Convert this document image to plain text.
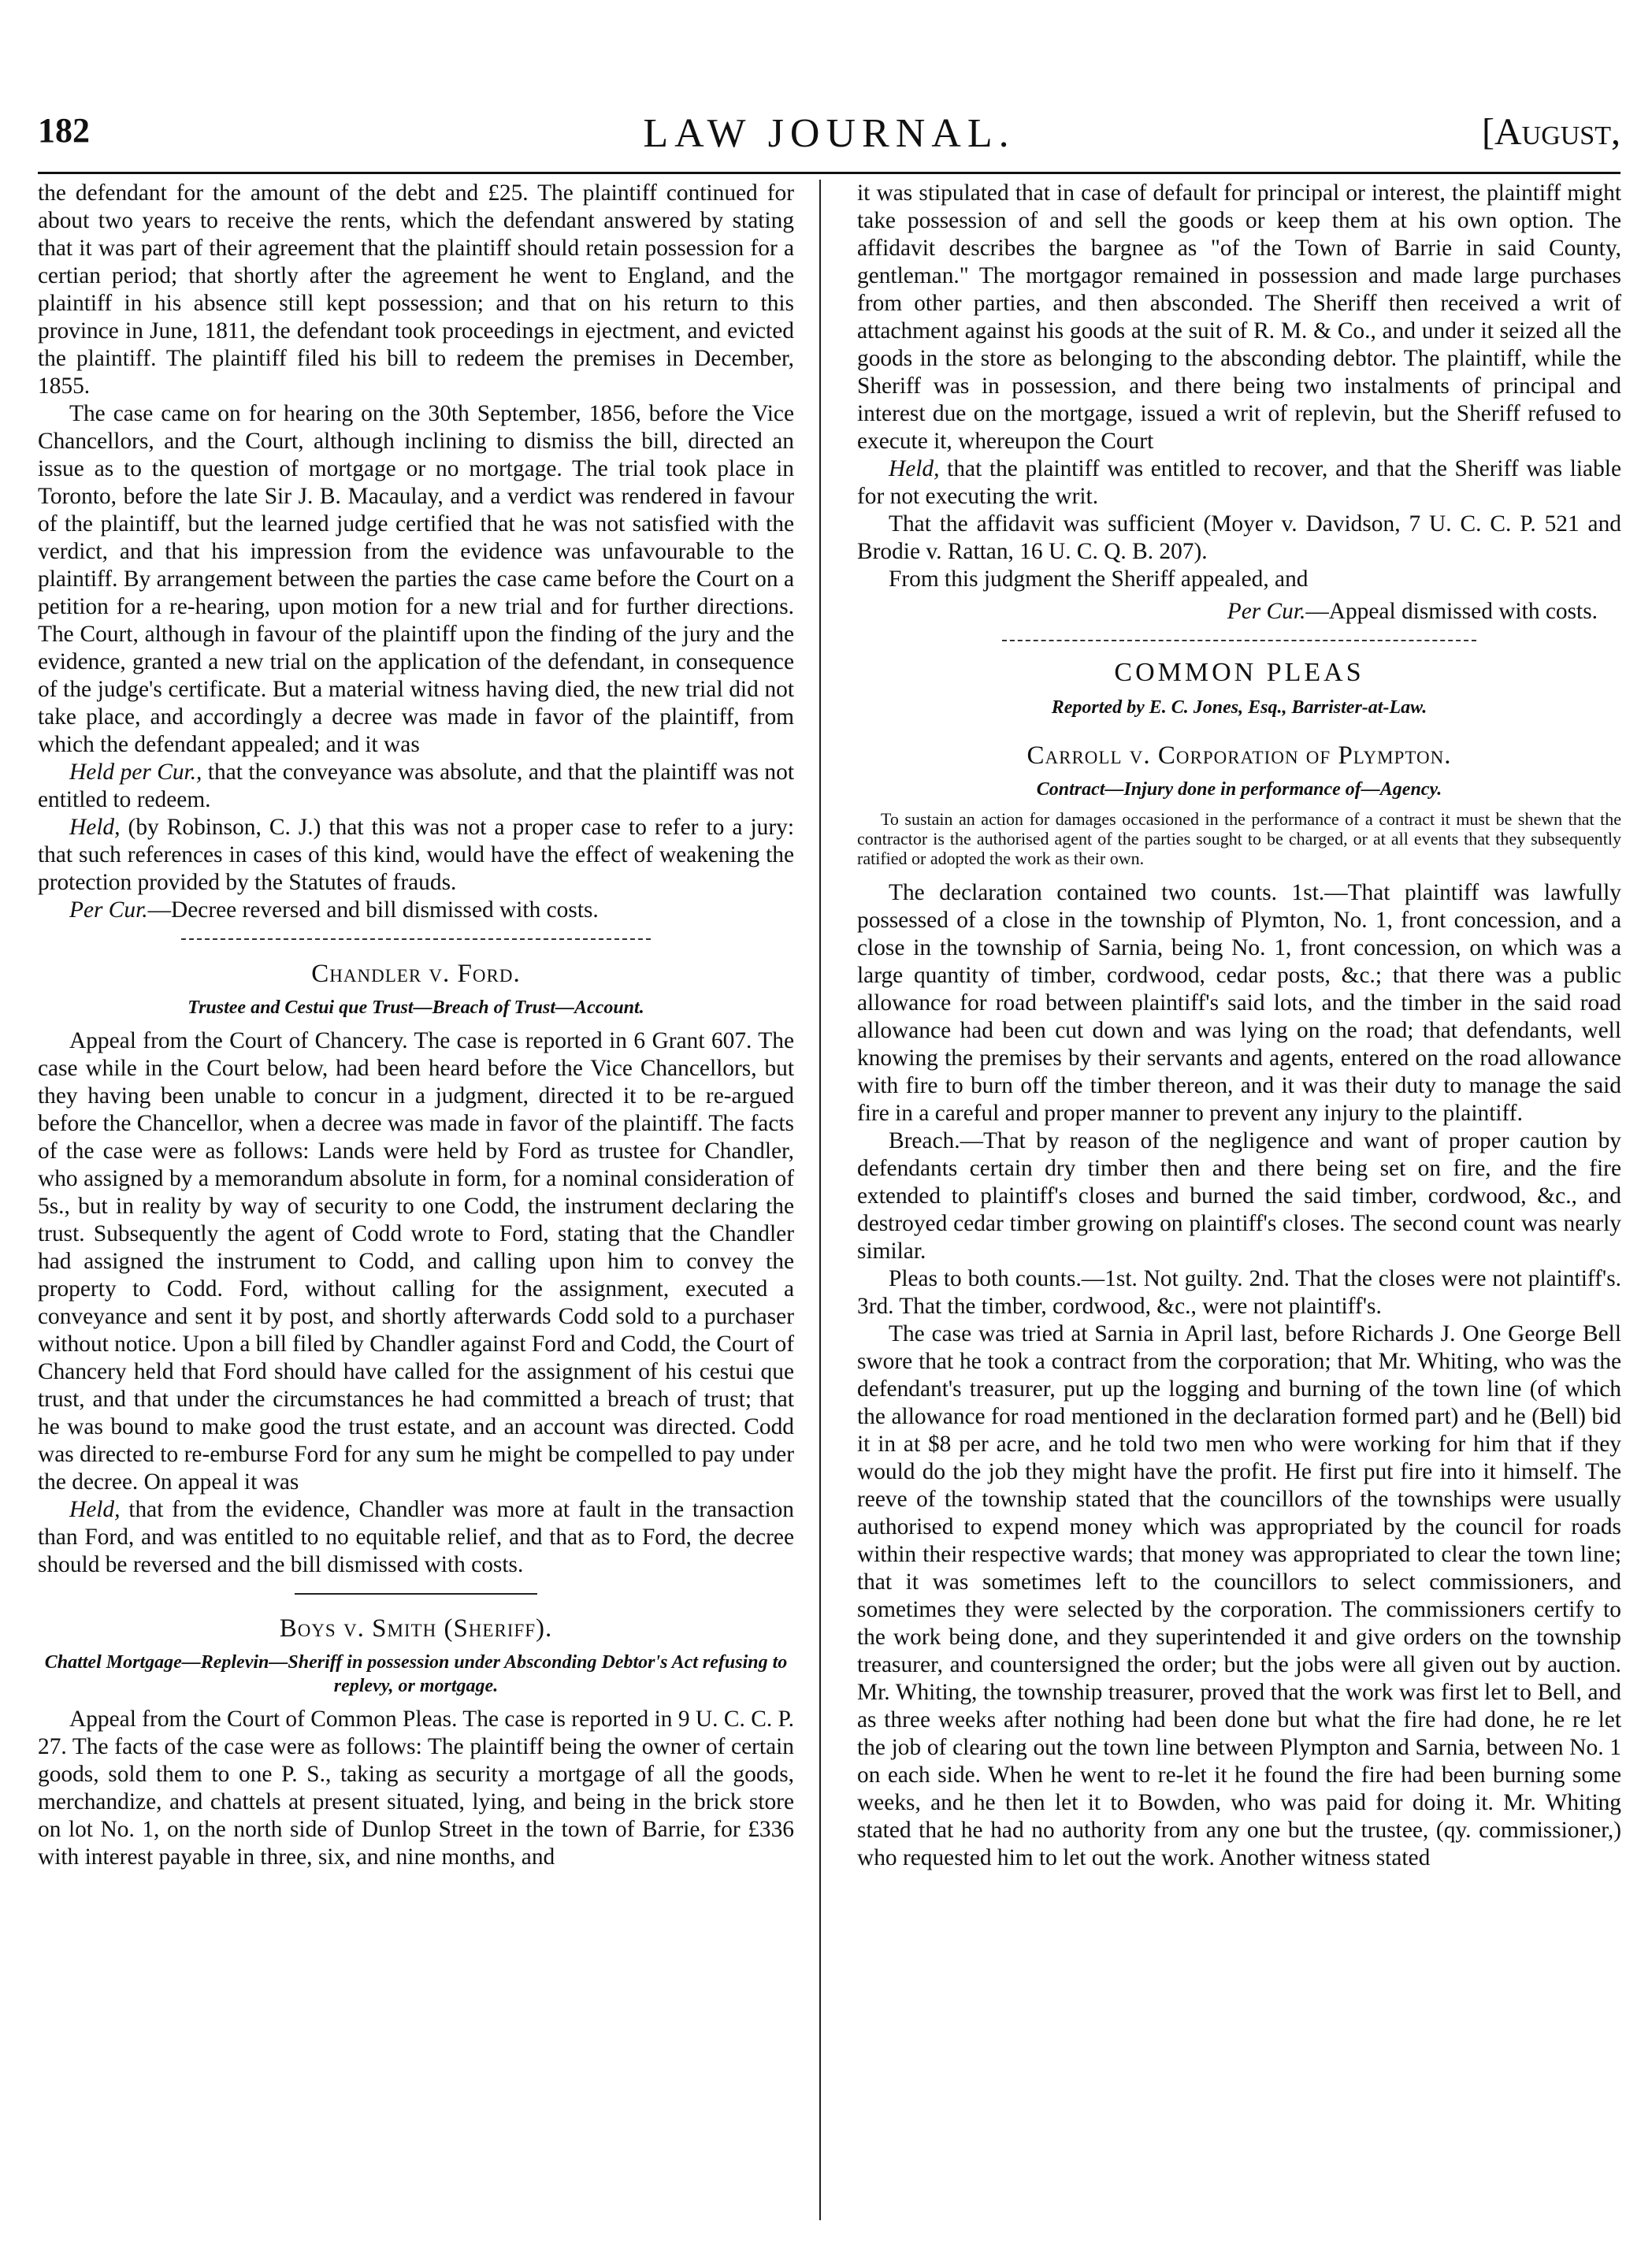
182	LAW JOURNAL.	[August,

the defendant for the amount of the debt and £25. The plaintiff continued for about two years to receive the rents, which the defendant answered by stating that it was part of their agreement that the plaintiff should retain possession for a certian period; that shortly after the agreement he went to England, and the plaintiff in his absence still kept possession; and that on his return to this province in June, 1811, the defendant took proceedings in ejectment, and evicted the plaintiff. The plaintiff filed his bill to redeem the premises in December, 1855.

The case came on for hearing on the 30th September, 1856, before the Vice Chancellors, and the Court, although inclining to dismiss the bill, directed an issue as to the question of mortgage or no mortgage. The trial took place in Toronto, before the late Sir J. B. Macaulay, and a verdict was rendered in favour of the plaintiff, but the learned judge certified that he was not satisfied with the verdict, and that his impression from the evidence was unfavourable to the plaintiff. By arrangement between the parties the case came before the Court on a petition for a re-hearing, upon motion for a new trial and for further directions. The Court, although in favour of the plaintiff upon the finding of the jury and the evidence, granted a new trial on the application of the defendant, in consequence of the judge's certificate. But a material witness having died, the new trial did not take place, and accordingly a decree was made in favor of the plaintiff, from which the defendant appealed; and it was

Held per Cur., that the conveyance was absolute, and that the plaintiff was not entitled to redeem.

Held, (by Robinson, C. J.) that this was not a proper case to refer to a jury: that such references in cases of this kind, would have the effect of weakening the protection provided by the Statutes of frauds.

Per Cur.—Decree reversed and bill dismissed with costs.

Chandler v. Ford.
Trustee and Cestui que Trust—Breach of Trust—Account.

Appeal from the Court of Chancery. The case is reported in 6 Grant 607. The case while in the Court below, had been heard before the Vice Chancellors, but they having been unable to concur in a judgment, directed it to be re-argued before the Chancellor, when a decree was made in favor of the plaintiff. The facts of the case were as follows: Lands were held by Ford as trustee for Chandler, who assigned by a memorandum absolute in form, for a nominal consideration of 5s., but in reality by way of security to one Codd, the instrument declaring the trust. Subsequently the agent of Codd wrote to Ford, stating that the Chandler had assigned the instrument to Codd, and calling upon him to convey the property to Codd. Ford, without calling for the assignment, executed a conveyance and sent it by post, and shortly afterwards Codd sold to a purchaser without notice. Upon a bill filed by Chandler against Ford and Codd, the Court of Chancery held that Ford should have called for the assignment of his cestui que trust, and that under the circumstances he had committed a breach of trust; that he was bound to make good the trust estate, and an account was directed. Codd was directed to re-emburse Ford for any sum he might be compelled to pay under the decree. On appeal it was

Held, that from the evidence, Chandler was more at fault in the transaction than Ford, and was entitled to no equitable relief, and that as to Ford, the decree should be reversed and the bill dismissed with costs.

Boys v. Smith (Sheriff).
Chattel Mortgage—Replevin—Sheriff in possession under Absconding Debtor's Act refusing to replevy, or mortgage.

Appeal from the Court of Common Pleas. The case is reported in 9 U. C. C. P. 27. The facts of the case were as follows: The plaintiff being the owner of certain goods, sold them to one P. S., taking as security a mortgage of all the goods, merchandize, and chattels at present situated, lying, and being in the brick store on lot No. 1, on the north side of Dunlop Street in the town of Barrie, for £336 with interest payable in three, six, and nine months, and

it was stipulated that in case of default for principal or interest, the plaintiff might take possession of and sell the goods or keep them at his own option. The affidavit describes the bargnee as "of the Town of Barrie in said County, gentleman." The mortgagor remained in possession and made large purchases from other parties, and then absconded. The Sheriff then received a writ of attachment against his goods at the suit of R. M. & Co., and under it seized all the goods in the store as belonging to the absconding debtor. The plaintiff, while the Sheriff was in possession, and there being two instalments of principal and interest due on the mortgage, issued a writ of replevin, but the Sheriff refused to execute it, whereupon the Court

Held, that the plaintiff was entitled to recover, and that the Sheriff was liable for not executing the writ.

That the affidavit was sufficient (Moyer v. Davidson, 7 U. C. C. P. 521 and Brodie v. Rattan, 16 U. C. Q. B. 207).

From this judgment the Sheriff appealed, and

Per Cur.—Appeal dismissed with costs.

COMMON PLEAS
Reported by E. C. Jones, Esq., Barrister-at-Law.
Carroll v. Corporation of Plympton.
Contract—Injury done in performance of—Agency.

To sustain an action for damages occasioned in the performance of a contract it must be shewn that the contractor is the authorised agent of the parties sought to be charged, or at all events that they subsequently ratified or adopted the work as their own.

The declaration contained two counts. 1st.—That plaintiff was lawfully possessed of a close in the township of Plymton, No. 1, front concession, and a close in the township of Sarnia, being No. 1, front concession, on which was a large quantity of timber, cordwood, cedar posts, &c.; that there was a public allowance for road between plaintiff's said lots, and the timber in the said road allowance had been cut down and was lying on the road; that defendants, well knowing the premises by their servants and agents, entered on the road allowance with fire to burn off the timber thereon, and it was their duty to manage the said fire in a careful and proper manner to prevent any injury to the plaintiff.

Breach.—That by reason of the negligence and want of proper caution by defendants certain dry timber then and there being set on fire, and the fire extended to plaintiff's closes and burned the said timber, cordwood, &c., and destroyed cedar timber growing on plaintiff's closes. The second count was nearly similar.

Pleas to both counts.—1st. Not guilty. 2nd. That the closes were not plaintiff's. 3rd. That the timber, cordwood, &c., were not plaintiff's.

The case was tried at Sarnia in April last, before Richards J. One George Bell swore that he took a contract from the corporation; that Mr. Whiting, who was the defendant's treasurer, put up the logging and burning of the town line (of which the allowance for road mentioned in the declaration formed part) and he (Bell) bid it in at $8 per acre, and he told two men who were working for him that if they would do the job they might have the profit. He first put fire into it himself. The reeve of the township stated that the councillors of the townships were usually authorised to expend money which was appropriated by the council for roads within their respective wards; that money was appropriated to clear the town line; that it was sometimes left to the councillors to select commissioners, and sometimes they were selected by the corporation. The commissioners certify to the work being done, and they superintended it and give orders on the township treasurer, and countersigned the order; but the jobs were all given out by auction. Mr. Whiting, the township treasurer, proved that the work was first let to Bell, and as three weeks after nothing had been done but what the fire had done, he re let the job of clearing out the town line between Plympton and Sarnia, between No. 1 on each side. When he went to re-let it he found the fire had been burning some weeks, and he then let it to Bowden, who was paid for doing it. Mr. Whiting stated that he had no authority from any one but the trustee, (qy. commissioner,) who requested him to let out the work. Another witness stated
